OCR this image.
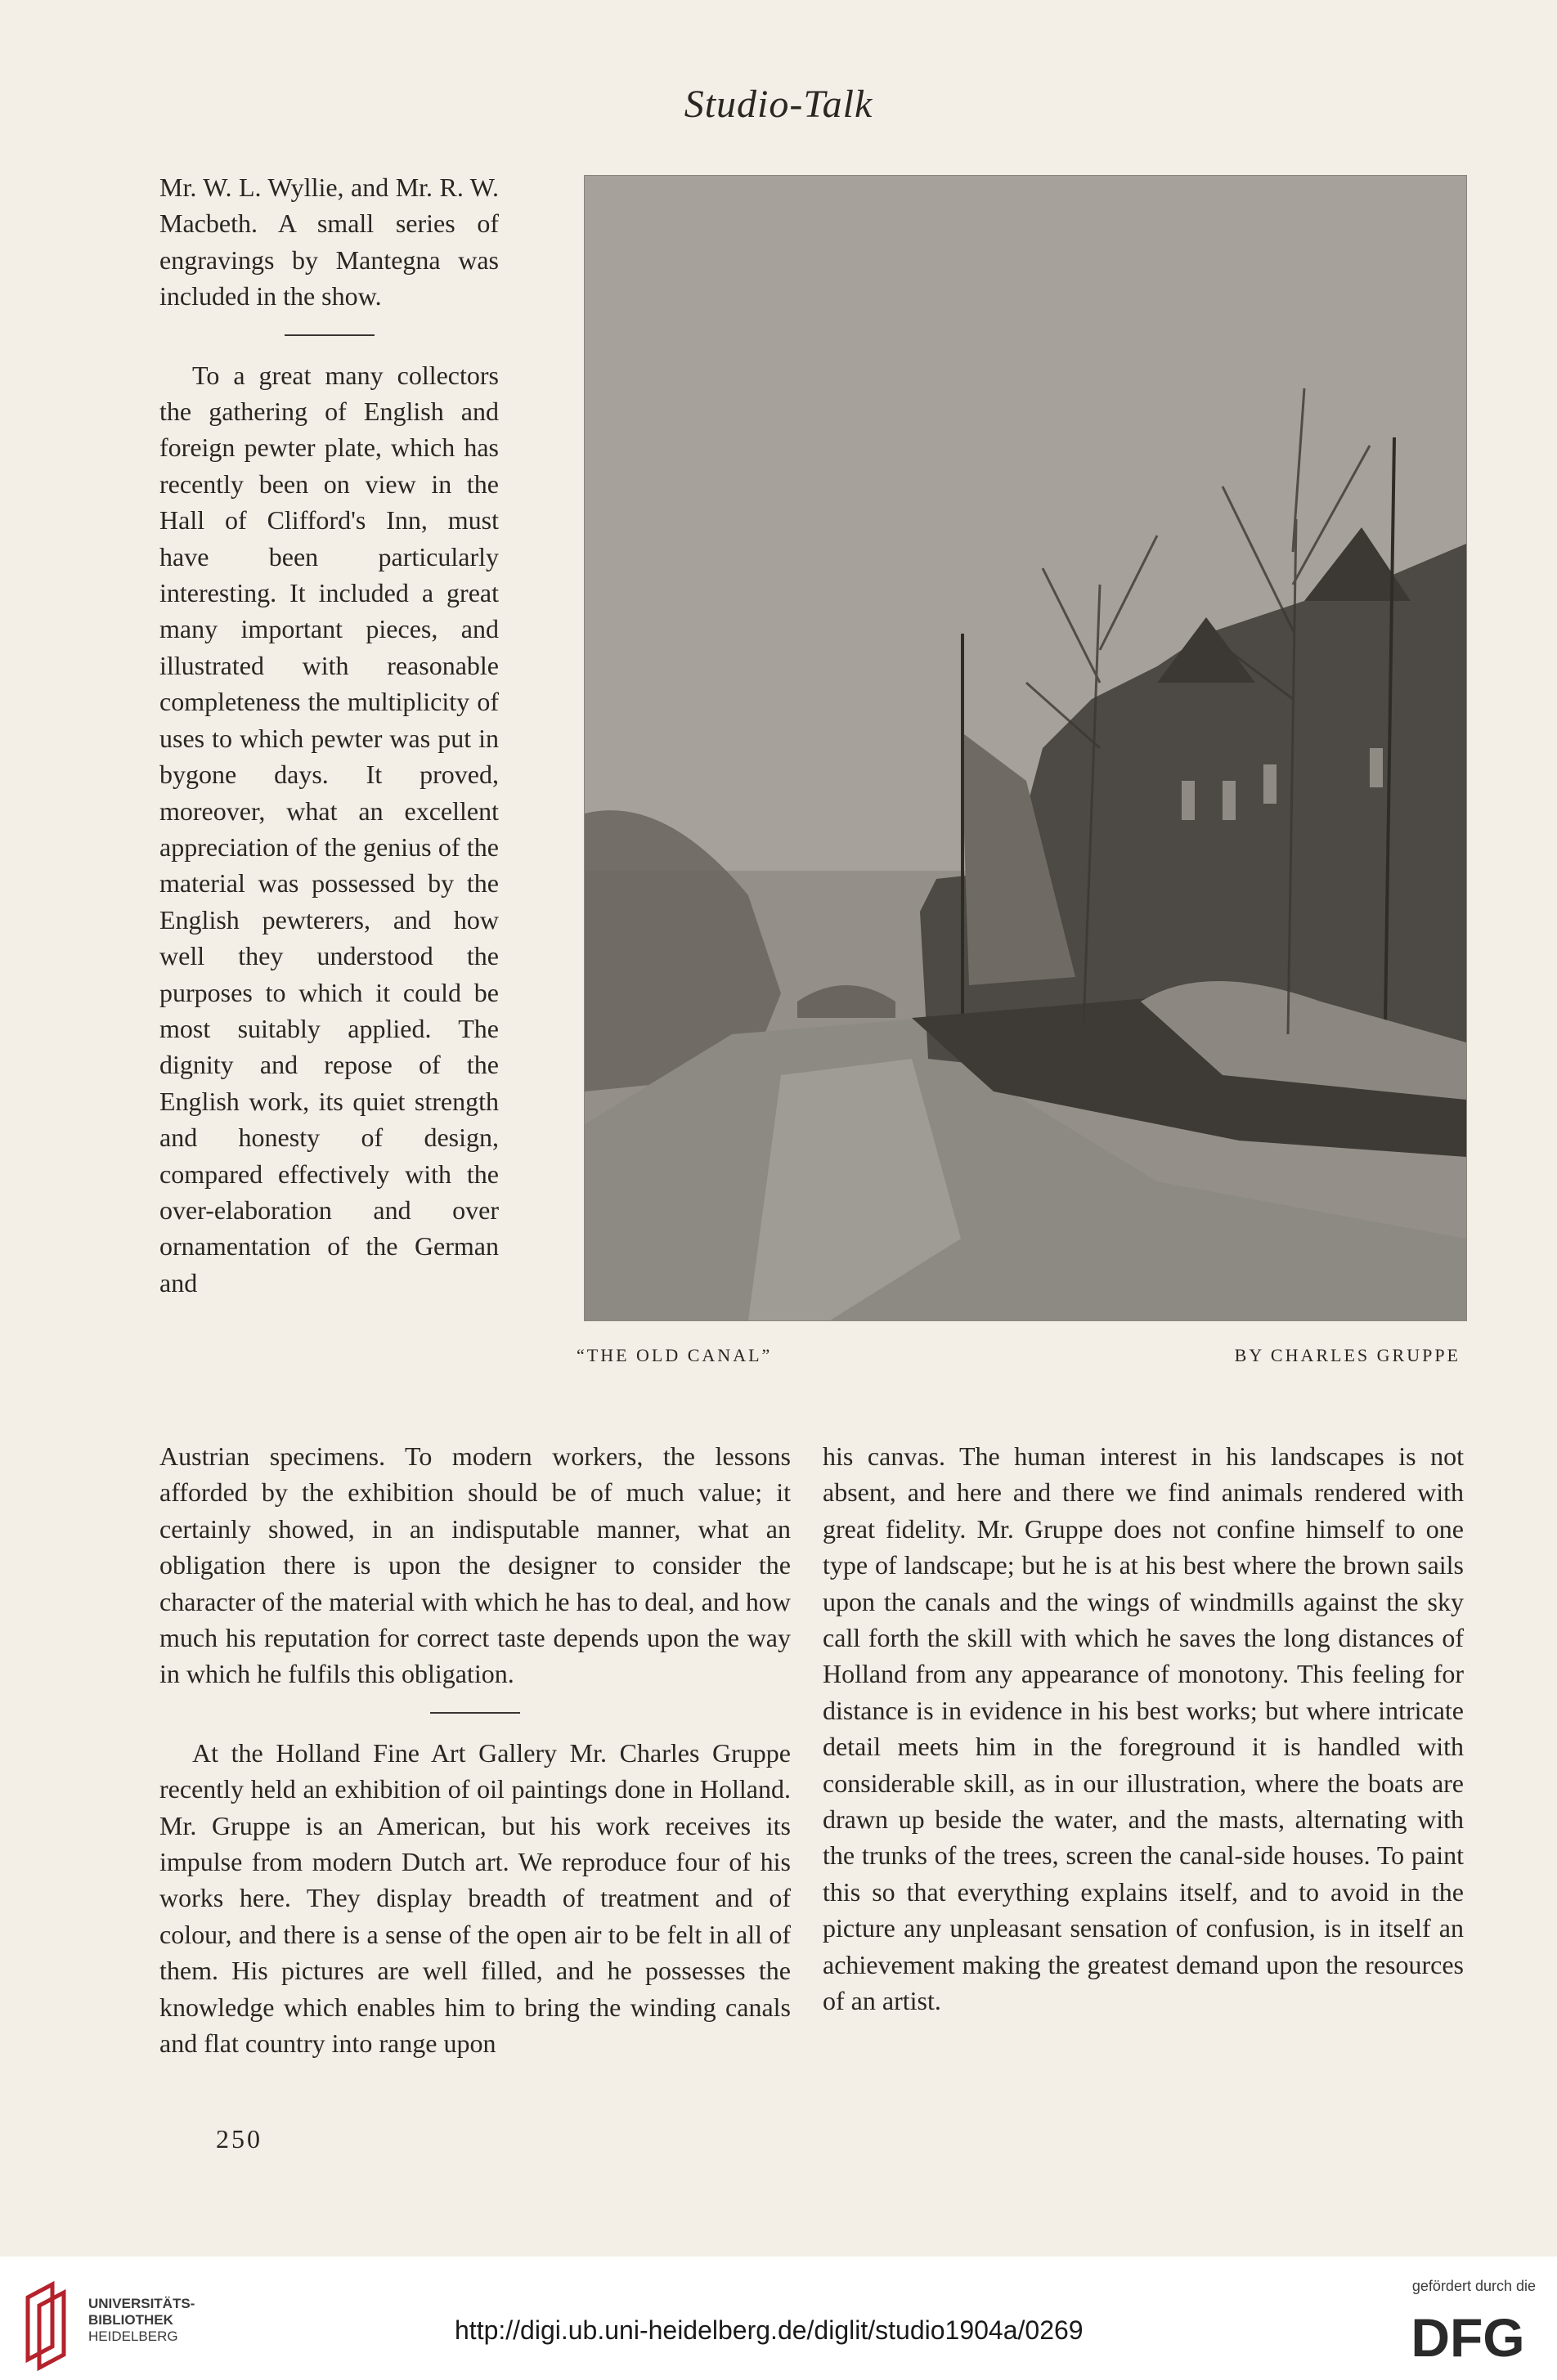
Studio-Talk

Mr. W. L. Wyllie, and Mr. R. W. Macbeth. A small series of engravings by Mantegna was included in the show.

To a great many collectors the gathering of English and foreign pewter plate, which has recently been on view in the Hall of Clifford's Inn, must have been particularly interesting. It included a great many important pieces, and illustrated with reasonable completeness the multiplicity of uses to which pewter was put in bygone days. It proved, moreover, what an excellent appreciation of the genius of the material was possessed by the English pewterers, and how well they understood the purposes to which it could be most suitably applied. The dignity and repose of the English work, its quiet strength and honesty of design, compared effectively with the over-elaboration and over ornamentation of the German and

“THE OLD CANAL”	BY CHARLES GRUPPE

Austrian specimens. To modern workers, the lessons afforded by the exhibition should be of much value; it certainly showed, in an indisputable manner, what an obligation there is upon the designer to consider the character of the material with which he has to deal, and how much his reputation for correct taste depends upon the way in which he fulfils this obligation.

At the Holland Fine Art Gallery Mr. Charles Gruppe recently held an exhibition of oil paintings done in Holland. Mr. Gruppe is an American, but his work receives its impulse from modern Dutch art. We reproduce four of his works here. They display breadth of treatment and of colour, and there is a sense of the open air to be felt in all of them. His pictures are well filled, and he possesses the knowledge which enables him to bring the winding canals and flat country into range upon

his canvas. The human interest in his landscapes is not absent, and here and there we find animals rendered with great fidelity. Mr. Gruppe does not confine himself to one type of landscape; but he is at his best where the brown sails upon the canals and the wings of windmills against the sky call forth the skill with which he saves the long distances of Holland from any appearance of monotony. This feeling for distance is in evidence in his best works; but where intricate detail meets him in the foreground it is handled with considerable skill, as in our illustration, where the boats are drawn up beside the water, and the masts, alternating with the trunks of the trees, screen the canal-side houses. To paint this so that everything explains itself, and to avoid in the picture any unpleasant sensation of confusion, is in itself an achievement making the greatest demand upon the resources of an artist.

250
UNIVERSITÄTS-
BIBLIOTHEK
HEIDELBERG	http://digi.ub.uni-heidelberg.de/diglit/studio1904a/0269
gefördert durch die
DFG
